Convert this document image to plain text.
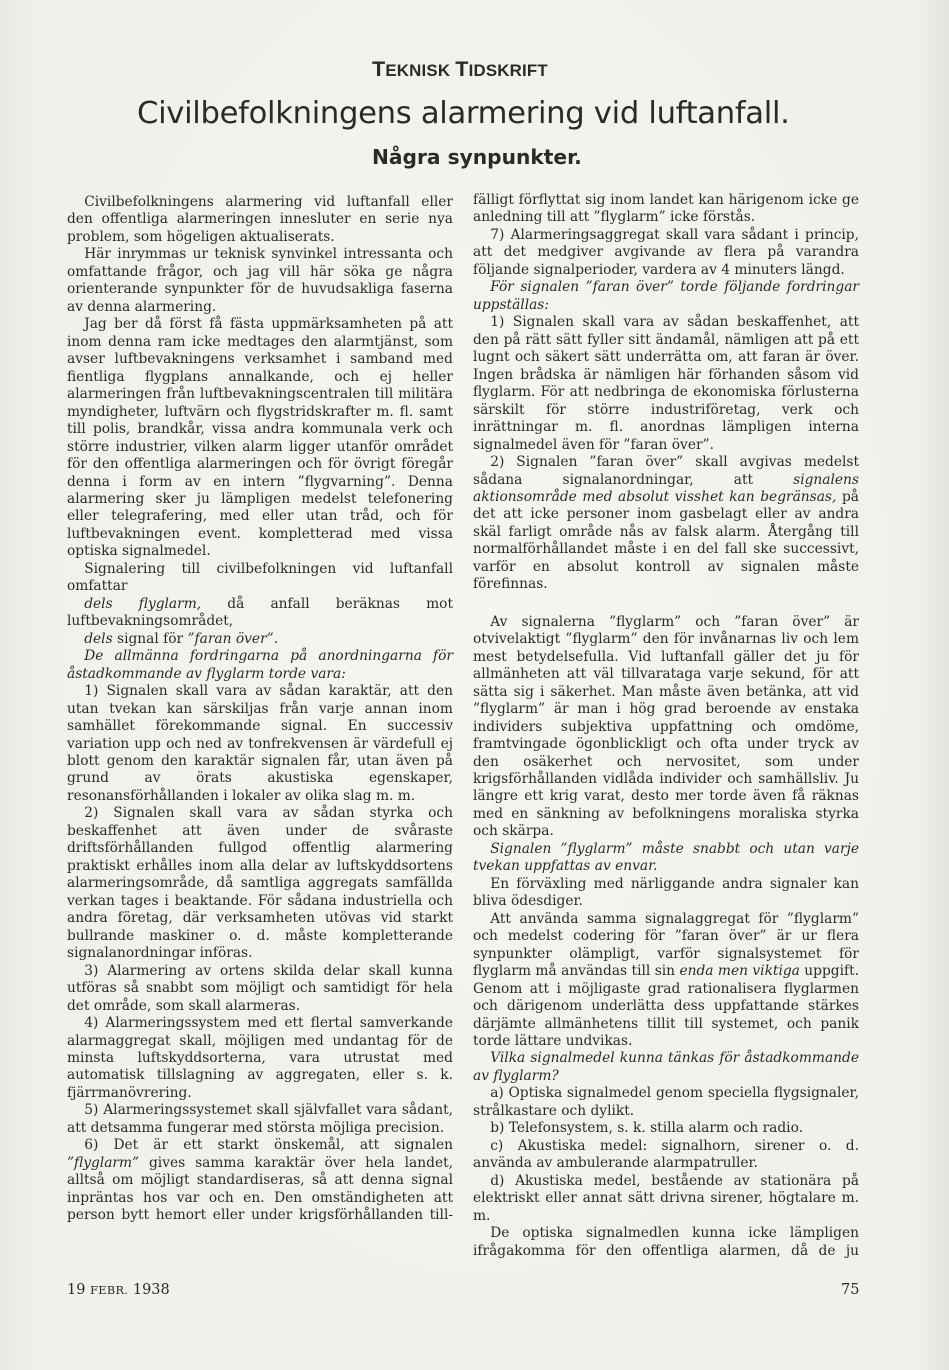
TEKNISK TIDSKRIFT
Civilbefolkningens alarmering vid luftanfall.
Några synpunkter.

Civilbefolkningens alarmering vid luftanfall eller den offentliga alarmeringen innesluter en serie nya problem, som högeligen aktualiserats.

Här inrymmas ur teknisk synvinkel intressanta och omfattande frågor, och jag vill här söka ge några orienterande synpunkter för de huvudsakliga faserna av denna alarmering.

Jag ber då först få fästa uppmärksamheten på att inom denna ram icke medtages den alarmtjänst, som avser luftbevakningens verksamhet i samband med fientliga flygplans annalkande, och ej heller alarmeringen från luftbevakningscentralen till militära myndigheter, luftvärn och flygstridskrafter m. fl. samt till polis, brandkår, vissa andra kommunala verk och större industrier, vilken alarm ligger utanför området för den offentliga alarmeringen och för övrigt föregår denna i form av en intern ”flygvarning”. Denna alarmering sker ju lämpligen medelst telefonering eller telegrafering, med eller utan tråd, och för luftbevakningen event. kompletterad med vissa optiska signalmedel.

Signalering till civilbefolkningen vid luftanfall omfattar

dels flyglarm, då anfall beräknas mot luftbevakningsområdet,

dels signal för ”faran över”.

De allmänna fordringarna på anordningarna för åstadkommande av flyglarm torde vara:

1) Signalen skall vara av sådan karaktär, att den utan tvekan kan särskiljas från varje annan inom samhället förekommande signal. En successiv variation upp och ned av tonfrekvensen är värdefull ej blott genom den karaktär signalen får, utan även på grund av örats akustiska egenskaper, resonansförhållanden i lokaler av olika slag m. m.

2) Signalen skall vara av sådan styrka och beskaffenhet att även under de svåraste driftsförhållanden fullgod offentlig alarmering praktiskt erhålles inom alla delar av luftskyddsortens alarmeringsområde, då samtliga aggregats samfällda verkan tages i beaktande. För sådana industriella och andra företag, där verksamheten utövas vid starkt bullrande maskiner o. d. måste kompletterande signalanordningar införas.

3) Alarmering av ortens skilda delar skall kunna utföras så snabbt som möjligt och samtidigt för hela det område, som skall alarmeras.

4) Alarmeringssystem med ett flertal samverkande alarmaggregat skall, möjligen med undantag för de minsta luftskyddsorterna, vara utrustat med automatisk tillslagning av aggregaten, eller s. k. fjärrmanövrering.

5) Alarmeringssystemet skall självfallet vara sådant, att detsamma fungerar med största möjliga precision.

6) Det är ett starkt önskemål, att signalen ”flyglarm” gives samma karaktär över hela landet, alltså om möjligt standardiseras, så att denna signal inpräntas hos var och en. Den omständigheten att person bytt hemort eller under krigsförhållanden till-

fälligt förflyttat sig inom landet kan härigenom icke ge anledning till att ”flyglarm” icke förstås.

7) Alarmeringsaggregat skall vara sådant i princip, att det medgiver avgivande av flera på varandra följande signalperioder, vardera av 4 minuters längd.

För signalen ”faran över” torde följande fordringar uppställas:

1) Signalen skall vara av sådan beskaffenhet, att den på rätt sätt fyller sitt ändamål, nämligen att på ett lugnt och säkert sätt underrätta om, att faran är över. Ingen brådska är nämligen här förhanden såsom vid flyglarm. För att nedbringa de ekonomiska förlusterna särskilt för större industriföretag, verk och inrättningar m. fl. anordnas lämpligen interna signalmedel även för ”faran över”.

2) Signalen ”faran över” skall avgivas medelst sådana signalanordningar, att signalens aktionsområde med absolut visshet kan begränsas, på det att icke personer inom gasbelagt eller av andra skäl farligt område nås av falsk alarm. Återgång till normalförhållandet måste i en del fall ske successivt, varför en absolut kontroll av signalen måste förefinnas.

Av signalerna ”flyglarm” och ”faran över” är otvivelaktigt ”flyglarm” den för invånarnas liv och lem mest betydelsefulla. Vid luftanfall gäller det ju för allmänheten att väl tillvarataga varje sekund, för att sätta sig i säkerhet. Man måste även betänka, att vid ”flyglarm” är man i hög grad beroende av enstaka individers subjektiva uppfattning och omdöme, framtvingade ögonblickligt och ofta under tryck av den osäkerhet och nervositet, som under krigsförhållanden vidlåda individer och samhällsliv. Ju längre ett krig varat, desto mer torde även få räknas med en sänkning av befolkningens moraliska styrka och skärpa.

Signalen ”flyglarm” måste snabbt och utan varje tvekan uppfattas av envar.

En förväxling med närliggande andra signaler kan bliva ödesdiger.

Att använda samma signalaggregat för ”flyglarm” och medelst codering för ”faran över” är ur flera synpunkter olämpligt, varför signalsystemet för flyglarm må användas till sin enda men viktiga uppgift. Genom att i möjligaste grad rationalisera flyglarmen och därigenom underlätta dess uppfattande stärkes därjämte allmänhetens tillit till systemet, och panik torde lättare undvikas.

Vilka signalmedel kunna tänkas för åstadkommande av flyglarm?

a) Optiska signalmedel genom speciella flygsignaler, strålkastare och dylikt.

b) Telefonsystem, s. k. stilla alarm och radio.

c) Akustiska medel: signalhorn, sirener o. d. använda av ambulerande alarmpatruller.

d) Akustiska medel, bestående av stationära på elektriskt eller annat sätt drivna sirener, högtalare m. m.

De optiska signalmedlen kunna icke lämpligen ifrågakomma för den offentliga alarmen, då de ju

19 FEBR. 1938	75
